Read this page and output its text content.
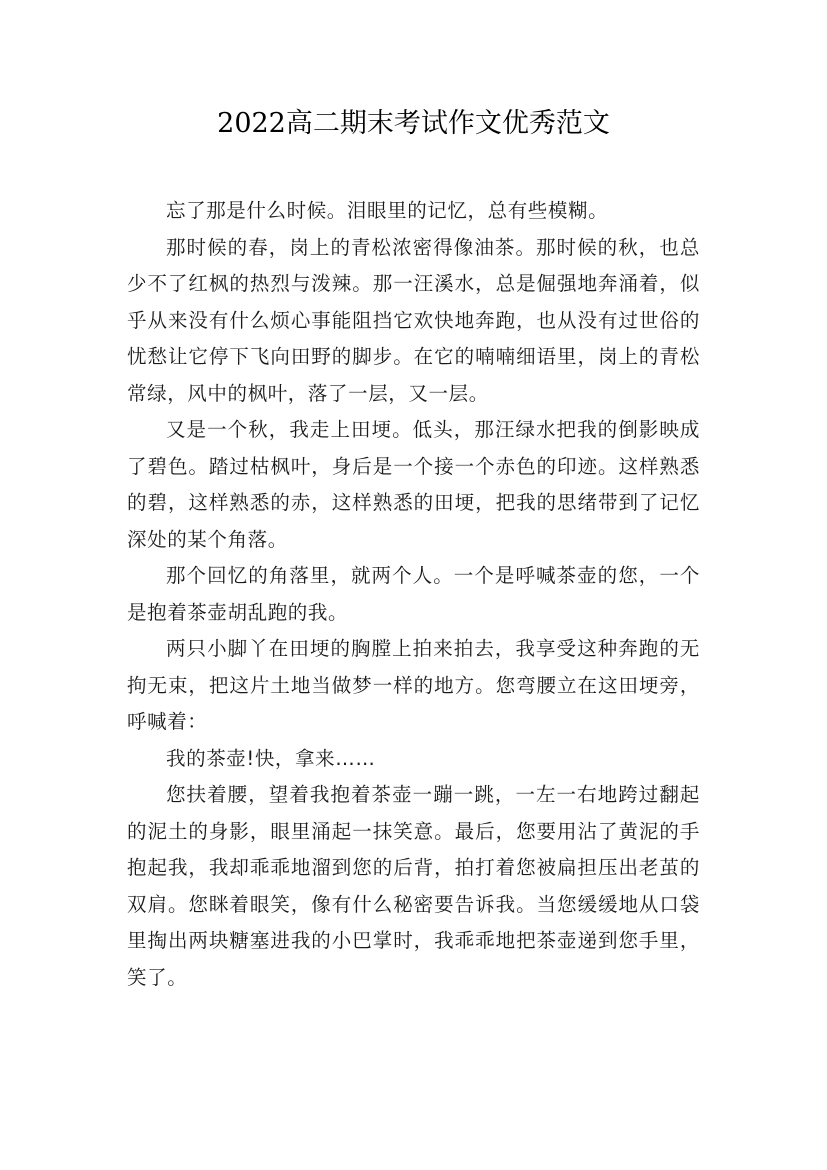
2022高二期末考试作文优秀范文

忘了那是什么时候。泪眼里的记忆，总有些模糊。

那时候的春，岗上的青松浓密得像油茶。那时候的秋，也总少不了红枫的热烈与泼辣。那一汪溪水，总是倔强地奔涌着，似乎从来没有什么烦心事能阻挡它欢快地奔跑，也从没有过世俗的忧愁让它停下飞向田野的脚步。在它的喃喃细语里，岗上的青松常绿，风中的枫叶，落了一层，又一层。

又是一个秋，我走上田埂。低头，那汪绿水把我的倒影映成了碧色。踏过枯枫叶，身后是一个接一个赤色的印迹。这样熟悉的碧，这样熟悉的赤，这样熟悉的田埂，把我的思绪带到了记忆深处的某个角落。

那个回忆的角落里，就两个人。一个是呼喊茶壶的您，一个是抱着茶壶胡乱跑的我。

两只小脚丫在田埂的胸膛上拍来拍去，我享受这种奔跑的无拘无束，把这片土地当做梦一样的地方。您弯腰立在这田埂旁，呼喊着：

我的茶壶!快，拿来……

您扶着腰，望着我抱着茶壶一蹦一跳，一左一右地跨过翻起的泥土的身影，眼里涌起一抹笑意。最后，您要用沾了黄泥的手抱起我，我却乖乖地溜到您的后背，拍打着您被扁担压出老茧的双肩。您眯着眼笑，像有什么秘密要告诉我。当您缓缓地从口袋里掏出两块糖塞进我的小巴掌时，我乖乖地把茶壶递到您手里，笑了。
